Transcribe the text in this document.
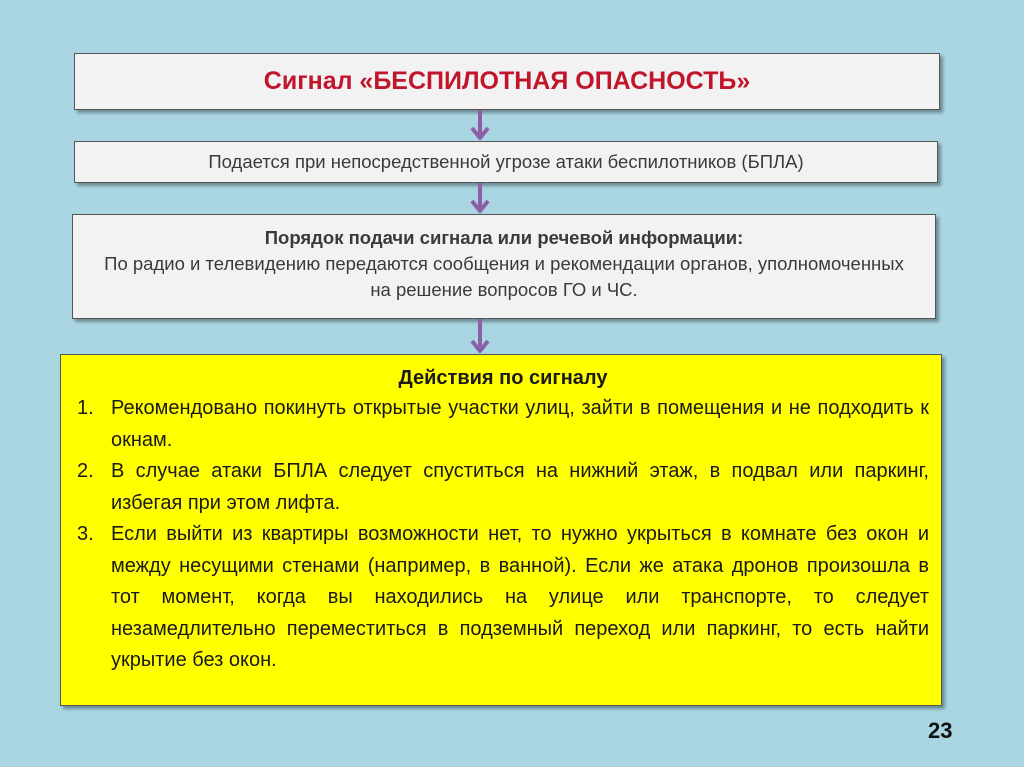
Сигнал «БЕСПИЛОТНАЯ ОПАСНОСТЬ»
Подается при непосредственной угрозе атаки беспилотников (БПЛА)
Порядок подачи сигнала или речевой информации:
По радио и телевидению передаются сообщения и рекомендации органов, уполномоченных на решение вопросов ГО и ЧС.
Действия по сигналу
1. Рекомендовано покинуть открытые участки улиц, зайти в помещения и не подходить к окнам.
2. В случае атаки БПЛА следует спуститься на нижний этаж, в подвал или паркинг, избегая при этом лифта.
3. Если выйти из квартиры возможности нет, то нужно укрыться в комнате без окон и между несущими стенами (например, в ванной). Если же атака дронов произошла в тот момент, когда вы находились на улице или транспорте, то следует незамедлительно переместиться в подземный переход или паркинг, то есть найти укрытие без окон.
23
